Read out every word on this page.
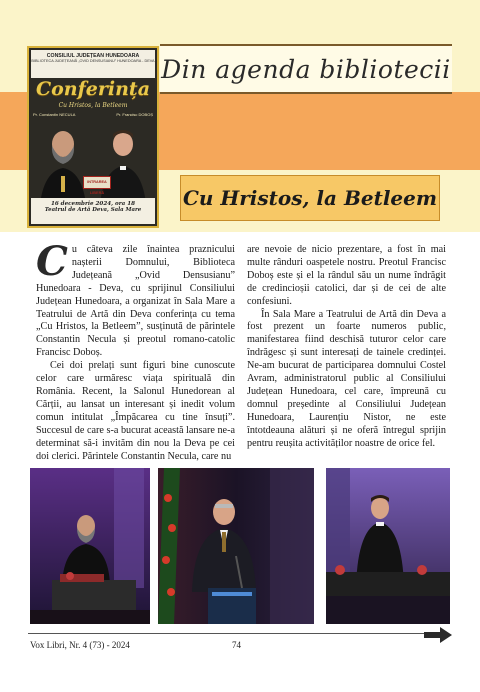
Din agenda bibliotecii
Cu Hristos, la Betleem
CONSILIUL JUDEȚEAN HUNEDOARA
BIBLIOTECA JUDEȚEANĂ „OVID DENSUSIANU” HUNEDOARA - DEVA
Conferința
Cu Hristos, la Betleem
Pr. Constantin NECULA	Pr. Francisc DOBOȘ
INTRAREA LIBERĂ
16 decembrie 2024, ora 18
Teatrul de Artă Deva, Sala Mare

Cu câteva zile înaintea praznicului nașterii Domnului, Biblioteca Județeană „Ovid Densusianu” Hunedoara - Deva, cu sprijinul Consiliului Județean Hunedoara, a organizat în Sala Mare a Teatrului de Artă din Deva conferința cu tema „Cu Hristos, la Betleem”, susținută de părintele Constantin Necula și preotul romano-catolic Francisc Doboș.

Cei doi prelați sunt figuri bine cunoscute celor care urmăresc viața spirituală din România. Recent, la Salonul Hunedorean al Cărții, au lansat un interesant și inedit volum comun intitulat „Împăcarea cu tine însuți”. Succesul de care s-a bucurat această lansare ne-a determinat să-i invităm din nou la Deva pe cei doi clerici. Părintele Constantin Necula, care nu

are nevoie de nicio prezentare, a fost în mai multe rânduri oaspetele nostru. Preotul Francisc Doboș este și el la rândul său un nume îndrăgit de credincioșii catolici, dar și de cei de alte confesiuni.

În Sala Mare a Teatrului de Artă din Deva a fost prezent un foarte numeros public, manifestarea fiind deschisă tuturor celor care îndrăgesc și sunt interesați de tainele credinței. Ne-am bucurat de participarea domnului Costel Avram, administratorul public al Consiliului Județean Hunedoara, cel care, împreună cu domnul președinte al Consiliului Județean Hunedoara, Laurențiu Nistor, ne este întotdeauna alături și ne oferă întregul sprijin pentru reușita activităților noastre de orice fel.

Vox Libri, Nr. 4 (73) - 2024	74
